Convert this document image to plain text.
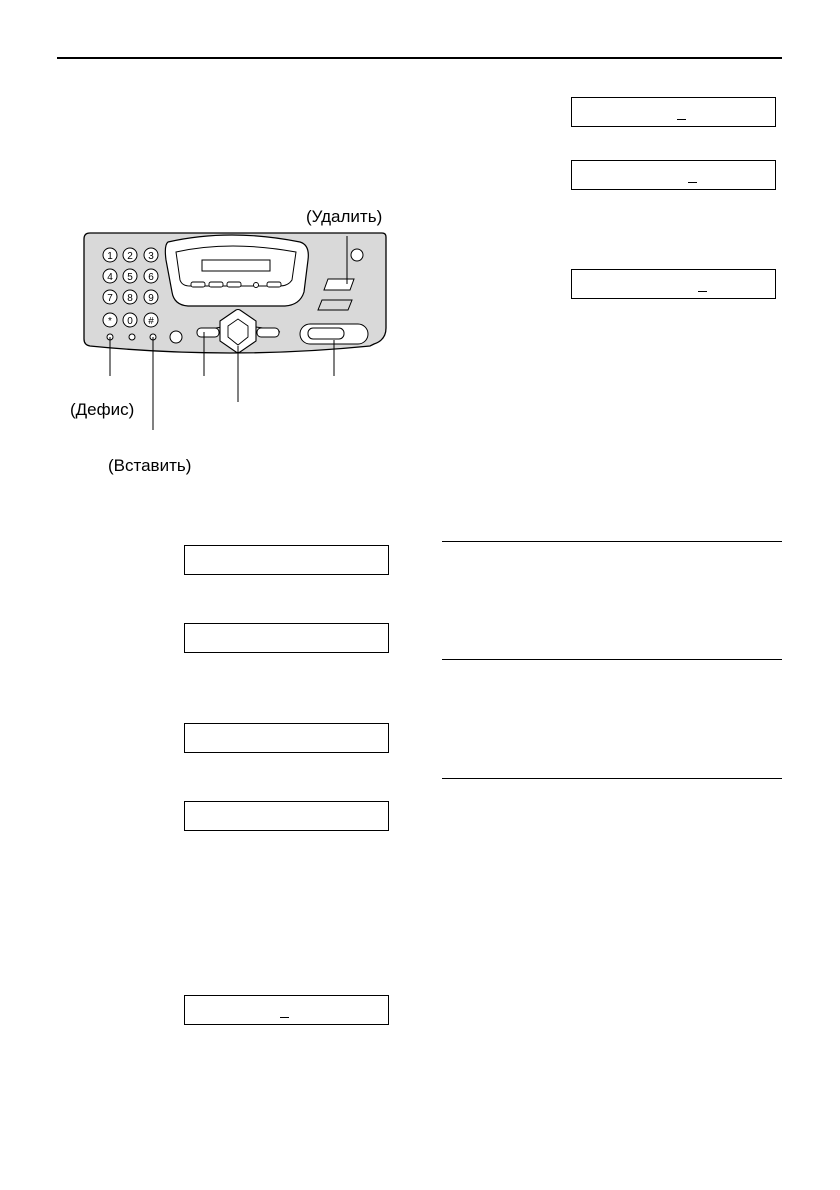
1 2 3
4 5 6
7 8 9
* 0 #
(Удалить)
(Дефис)
(Вставить)
